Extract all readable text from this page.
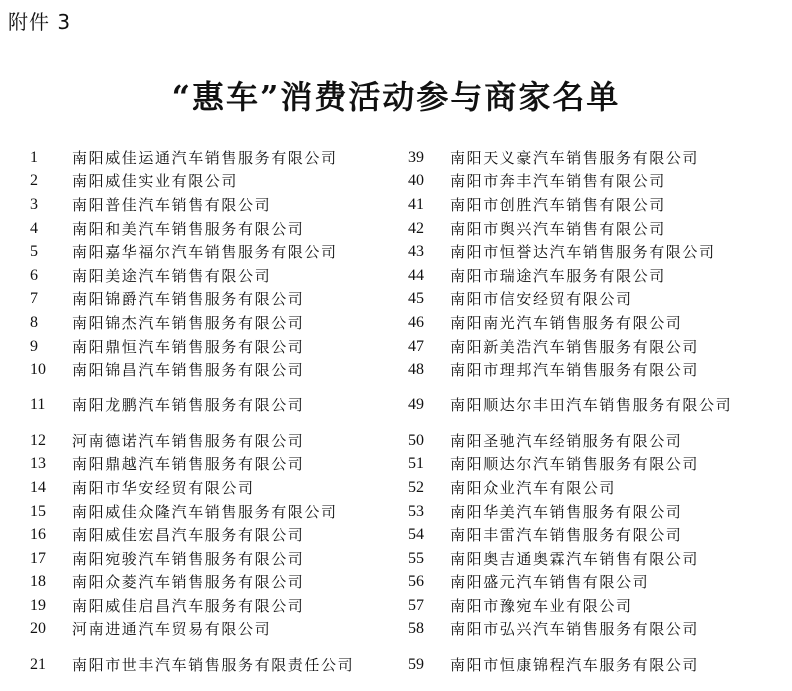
附件 3

“惠车”消费活动参与商家名单
1	南阳威佳运通汽车销售服务有限公司
2	南阳威佳实业有限公司
3	南阳普佳汽车销售有限公司
4	南阳和美汽车销售服务有限公司
5	南阳嘉华福尔汽车销售服务有限公司
6	南阳美途汽车销售有限公司
7	南阳锦爵汽车销售服务有限公司
8	南阳锦杰汽车销售服务有限公司
9	南阳鼎恒汽车销售服务有限公司
10	南阳锦昌汽车销售服务有限公司
11	南阳龙鹏汽车销售服务有限公司
12	河南德诺汽车销售服务有限公司
13	南阳鼎越汽车销售服务有限公司
14	南阳市华安经贸有限公司
15	南阳威佳众隆汽车销售服务有限公司
16	南阳威佳宏昌汽车服务有限公司
17	南阳宛骏汽车销售服务有限公司
18	南阳众菱汽车销售服务有限公司
19	南阳威佳启昌汽车服务有限公司
20	河南进通汽车贸易有限公司
21	南阳市世丰汽车销售服务有限责任公司
39	南阳天义豪汽车销售服务有限公司
40	南阳市奔丰汽车销售有限公司
41	南阳市创胜汽车销售有限公司
42	南阳市舆兴汽车销售有限公司
43	南阳市恒誉达汽车销售服务有限公司
44	南阳市瑞途汽车服务有限公司
45	南阳市信安经贸有限公司
46	南阳南光汽车销售服务有限公司
47	南阳新美浩汽车销售服务有限公司
48	南阳市理邦汽车销售服务有限公司
49	南阳顺达尔丰田汽车销售服务有限公司
50	南阳圣驰汽车经销服务有限公司
51	南阳顺达尔汽车销售服务有限公司
52	南阳众业汽车有限公司
53	南阳华美汽车销售服务有限公司
54	南阳丰雷汽车销售服务有限公司
55	南阳奥吉通奥霖汽车销售有限公司
56	南阳盛元汽车销售有限公司
57	南阳市豫宛车业有限公司
58	南阳市弘兴汽车销售服务有限公司
59	南阳市恒康锦程汽车服务有限公司
